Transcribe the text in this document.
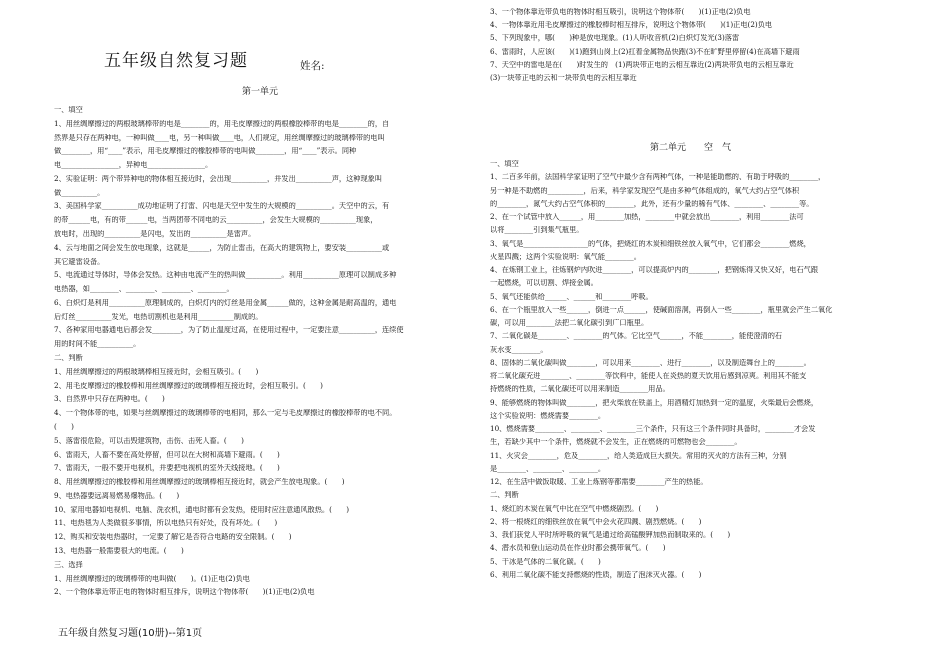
五年级自然复习题	姓名:
第一单元
一、填空
1、用丝绸摩擦过的两根玻璃棒带的电是________的，用毛皮摩擦过的两根橡胶棒带的电是________的，自
然界是只存在两种电，一种叫做____电，另一种叫做____电，人们规定，用丝绸摩擦过的玻璃棒带的电叫
做________，用“____”表示，用毛皮摩擦过的橡胶棒带的电叫做________，用“____”表示。同种
电________________，异种电________________。
2、实验证明：两个带异种电的物体相互接近时，会出现__________，并发出__________声，这种现象叫
做__________。
3、美国科学家__________成功地证明了打雷、闪电是天空中发生的大规模的__________。天空中的云，有
的带______电，有的带______电，当两团带不同电的云__________，会发生大规模的__________现象，
放电时，出现的__________是闪电，发出的__________是雷声。
4、云与地面之间会发生放电现象，这就是______，为防止雷击，在高大的建筑物上，要安装__________或
其它避雷设备。
5、电流通过导体时，导体会发热。这种由电流产生的热叫做__________。利用__________原理可以制成多种
电热器，如________、________、________、________。
6、白炽灯是利用__________原理制成的，白炽灯内的灯丝是用金属______做的，这种金属是耐高温的，通电
后灯丝__________发光，电热切割机也是利用__________制成的。
7、各种家用电器通电后都会发________，为了防止温度过高，在使用过程中，一定要注意__________，连续使
用的时间不能__________。
二、判断
1、用丝绸摩擦过的两根玻璃棒相互接近时，会相互吸引。(　　)
2、用毛皮摩擦过的橡胶棒和用丝绸摩擦过的玻璃棒相互接近时，会相互吸引。(　　)
3、自然界中只存在两种电。(　　)
4、一个物体带的电，如果与丝绸摩擦过的玻璃棒带的电相同，那么一定与毛皮摩擦过的橡胶棒带的电不同。
(　　)
5、落雷很危险，可以击毁建筑物，击伤、击死人畜。(　　)
6、雷雨天，人畜不要在高处停留，但可以在大树和高墙下避雨。(　　)
7、雷雨天，一般不要开电视机，并要把电视机的室外天线接地。(　　)
8、用丝绸摩擦过的橡胶棒和用丝绸摩擦过的玻璃棒相互接近时，就会产生放电现象。(　　)
9、电热器要远离易燃易爆物品。(　　)
10、家用电器如电视机、电脑、洗衣机，通电时都有会发热，使用时应注意通风散热。(　　)
11、电热毯为人类做很多事情，所以电热只有好处，没有坏处。(　　)
12、购买和安装电热器时，一定要了解它是否符合电路的安全限制。(　　)
13、电热器一般需要很大的电流。(　　)
三、选择
1、用丝绸摩擦过的玻璃棒带的电叫做(　　)。(1)正电(2)负电
2、一个物体靠近带正电的物体时相互排斥，说明这个物体带(　　)(1)正电(2)负电
第二单元　　空　气
3、一个物体靠近带负电的物体时相互吸引，说明这个物体带(　　)(1)正电(2)负电
4、一物体靠近用毛皮摩擦过的橡胶棒时相互排斥，说明这个物体带(　　)(1)正电(2)负电
5、下列现象中，哪(　　)种是放电现象。(1)人听收音机(2)白炽灯发光(3)落雷
6、雷雨时，人应该(　　)(1)跑到山岗上(2)扛着金属物品快跑(3)不在旷野里停留(4)在高墙下避雨
7、天空中的雷电是在(　　)时发生的　(1)两块带正电的云相互靠近(2)两块带负电的云相互靠近
(3)一块带正电的云和一块带负电的云相互靠近
一、填空
1、二百多年前，法国科学家证明了空气中最少含有两种气体，一种是能助燃的、有助于呼吸的________，
另一种是不助燃的__________，后来，科学家发现空气是由多种气体组成的，氧气大约占空气体积
的________，氮气大约占空气体积的________，此外，还有少量的稀有气体、________、________等。
2、在一个试管中放入______，用________加热，________中就会放出________，利用________法可
以将________引到集气瓶里。
3、氧气是__________________的气体，把烧红的木炭和细铁丝放入氧气中，它们都会________燃烧，
火星四溅；这两个实验说明：氧气能________。
4、在炼钢工业上，往炼钢炉内吹进________，可以提高炉内的________，把钢炼得又快又好，电石气跟
一起燃烧，可以切割、焊接金属。
5、氧气还能供给______、______和________呼吸。
6、在一个瓶里放入一些______，倒进一点______，使碱面溶洞，再倒入一些________，瓶里就会产生二氧化
碳，可以用________法把二氧化碳引到广口瓶里。
7、二氧化碳是________、________的气体。它比空气______，不能________，能使澄清的石
灰水变________。
8、固体的二氧化碳叫做________，可以用来________、进行________，以及制造舞台上的________。
将二氧化碳充进________、________等饮料中，能使人在炎热的夏天饮用后感到凉爽。利用其不能支
持燃烧的性质，二氧化碳还可以用来制造________用品。
9、能够燃烧的物体叫做________，把火柴放在铁盖上，用酒精灯加热到一定的温度，火柴最后会燃烧，
这个实验说明：燃烧需要________。
10、燃烧需要________、________、________三个条件，只有这三个条件同时具备时，________才会发
生，若缺少其中一个条件，燃烧就不会发生，正在燃烧的可燃物也会________。
11、火灾会________，危及________，给人类造成巨大损失。常用的灭火的方法有三种，分别
是________、________、________。
12、在生活中做饭取暖、工业上炼钢等都需要________产生的热能。
二、判断
1、烧红的木炭在氧气中比在空气中燃烧剧烈。(　　)
2、将一根烧红的细铁丝放在氧气中会火花四溅、剧烈燃烧。(　　)
3、我们获党人平时所呼吸的氧气是通过给高锰酸钾加热而制取来的。(　　)
4、潜水员和登山运动员在作业时都会携带氧气。(　　)
5、干冰是气体的二氧化碳。(　　)
6、利用二氧化碳不能支持燃烧的性质，制造了泡沫灭火器。(　　)
五年级自然复习题(10册)--第1页
